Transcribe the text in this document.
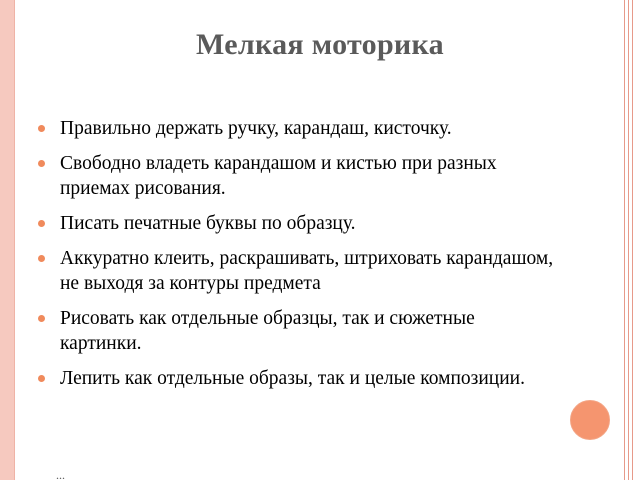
Мелкая моторика
Правильно держать ручку, карандаш, кисточку.
Свободно владеть карандашом и кистью при разных приемах рисования.
Писать печатные буквы по образцу.
Аккуратно клеить, раскрашивать, штриховать карандашом, не выходя за контуры предмета
Рисовать как отдельные образцы, так и сюжетные картинки.
Лепить как отдельные образы, так и целые композиции.
...
